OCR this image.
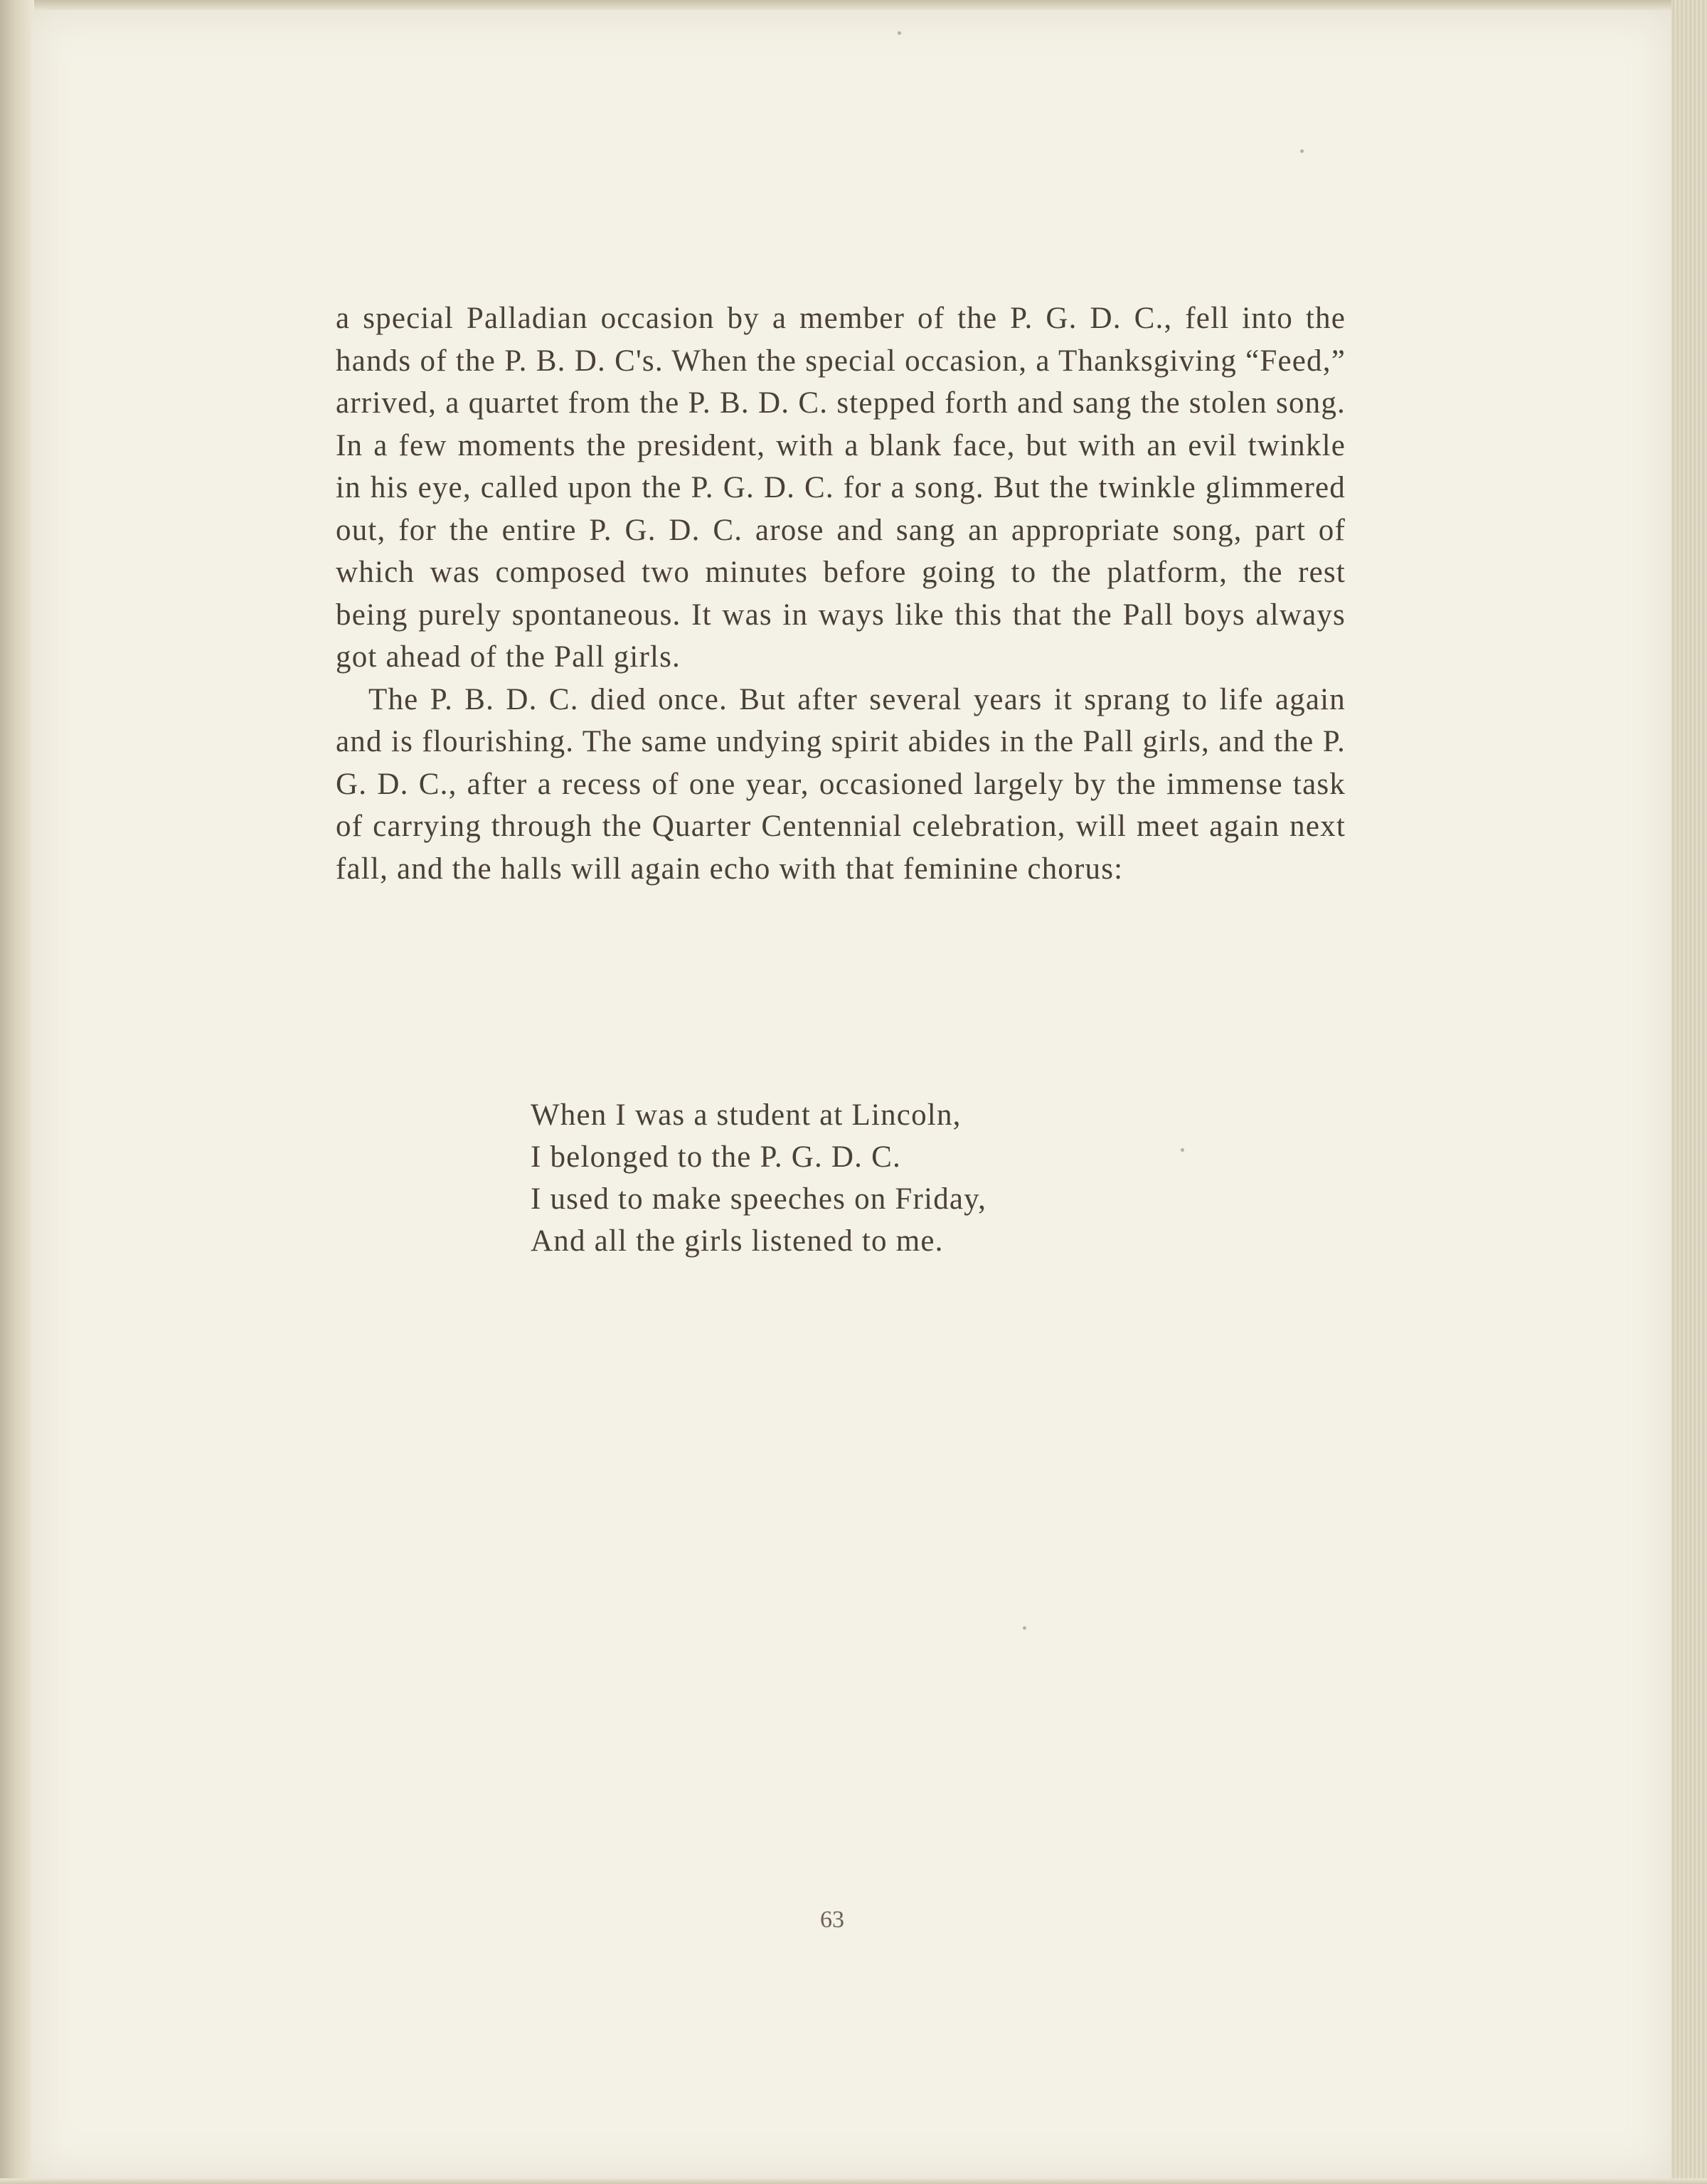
a special Palladian occasion by a member of the P. G. D. C., fell into the hands of the P. B. D. C's. When the special occasion, a Thanksgiving “Feed,” arrived, a quartet from the P. B. D. C. stepped forth and sang the stolen song. In a few moments the president, with a blank face, but with an evil twinkle in his eye, called upon the P. G. D. C. for a song. But the twinkle glimmered out, for the entire P. G. D. C. arose and sang an appropriate song, part of which was composed two minutes before going to the platform, the rest being purely spontaneous. It was in ways like this that the Pall boys always got ahead of the Pall girls.

The P. B. D. C. died once. But after several years it sprang to life again and is flourishing. The same undying spirit abides in the Pall girls, and the P. G. D. C., after a recess of one year, occasioned largely by the immense task of carrying through the Quarter Centennial celebration, will meet again next fall, and the halls will again echo with that feminine chorus:

When I was a student at Lincoln,
I belonged to the P. G. D. C.
I used to make speeches on Friday,
And all the girls listened to me.
63
